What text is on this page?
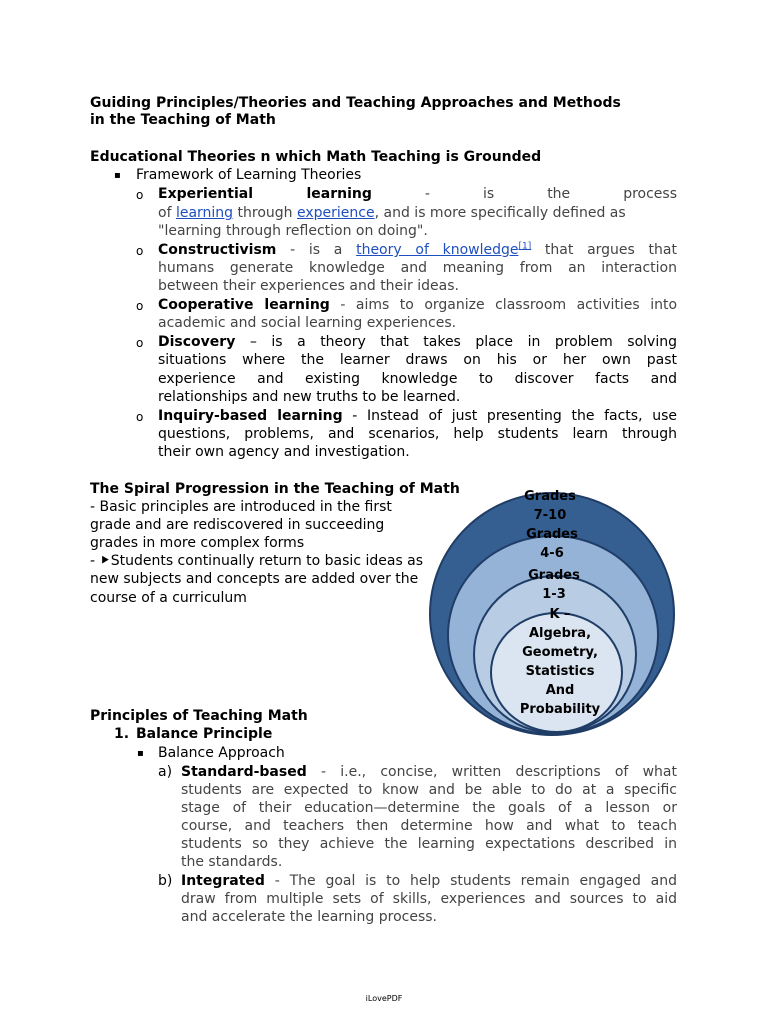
Guiding Principles/Theories and Teaching Approaches and Methods
in the Teaching of Math
Educational Theories n which Math Teaching is Grounded
▪ Framework of Learning Theories
o Experiential learning	- is the process
of learning through experience, and is more specifically defined as
"learning through reflection on doing".
o Constructivism - is a theory of knowledge[1] that argues that
humans generate knowledge and meaning from an interaction
between their experiences and their ideas.
o Cooperative learning - aims to organize classroom activities into
academic and social learning experiences.
o Discovery – is a theory that takes place in problem solving
situations where the learner draws on his or her own past
experience and existing knowledge to discover facts and
relationships and new truths to be learned.
o Inquiry-based learning - Instead of just presenting the facts, use
questions, problems, and scenarios, help students learn through
their own agency and investigation.
Grades
7-10
Grades
4-6
Grades
1-3
K –
Algebra,
Geometry,
Statistics
And
Probability
The Spiral Progression in the Teaching of Math
- Basic principles are introduced in the first
grade and are rediscovered in succeeding
grades in more complex forms
- ⯈Students continually return to basic ideas as
new subjects and concepts are added over the
course of a curriculum
Principles of Teaching Math
1. Balance Principle
▪ Balance Approach
a) Standard-based - i.e., concise, written descriptions of what
students are expected to know and be able to do at a specific
stage of their education—determine the goals of a lesson or
course, and teachers then determine how and what to teach
students so they achieve the learning expectations described in
the standards.
b) Integrated - The goal is to help students remain engaged and
draw from multiple sets of skills, experiences and sources to aid
and accelerate the learning process.
iLovePDF
